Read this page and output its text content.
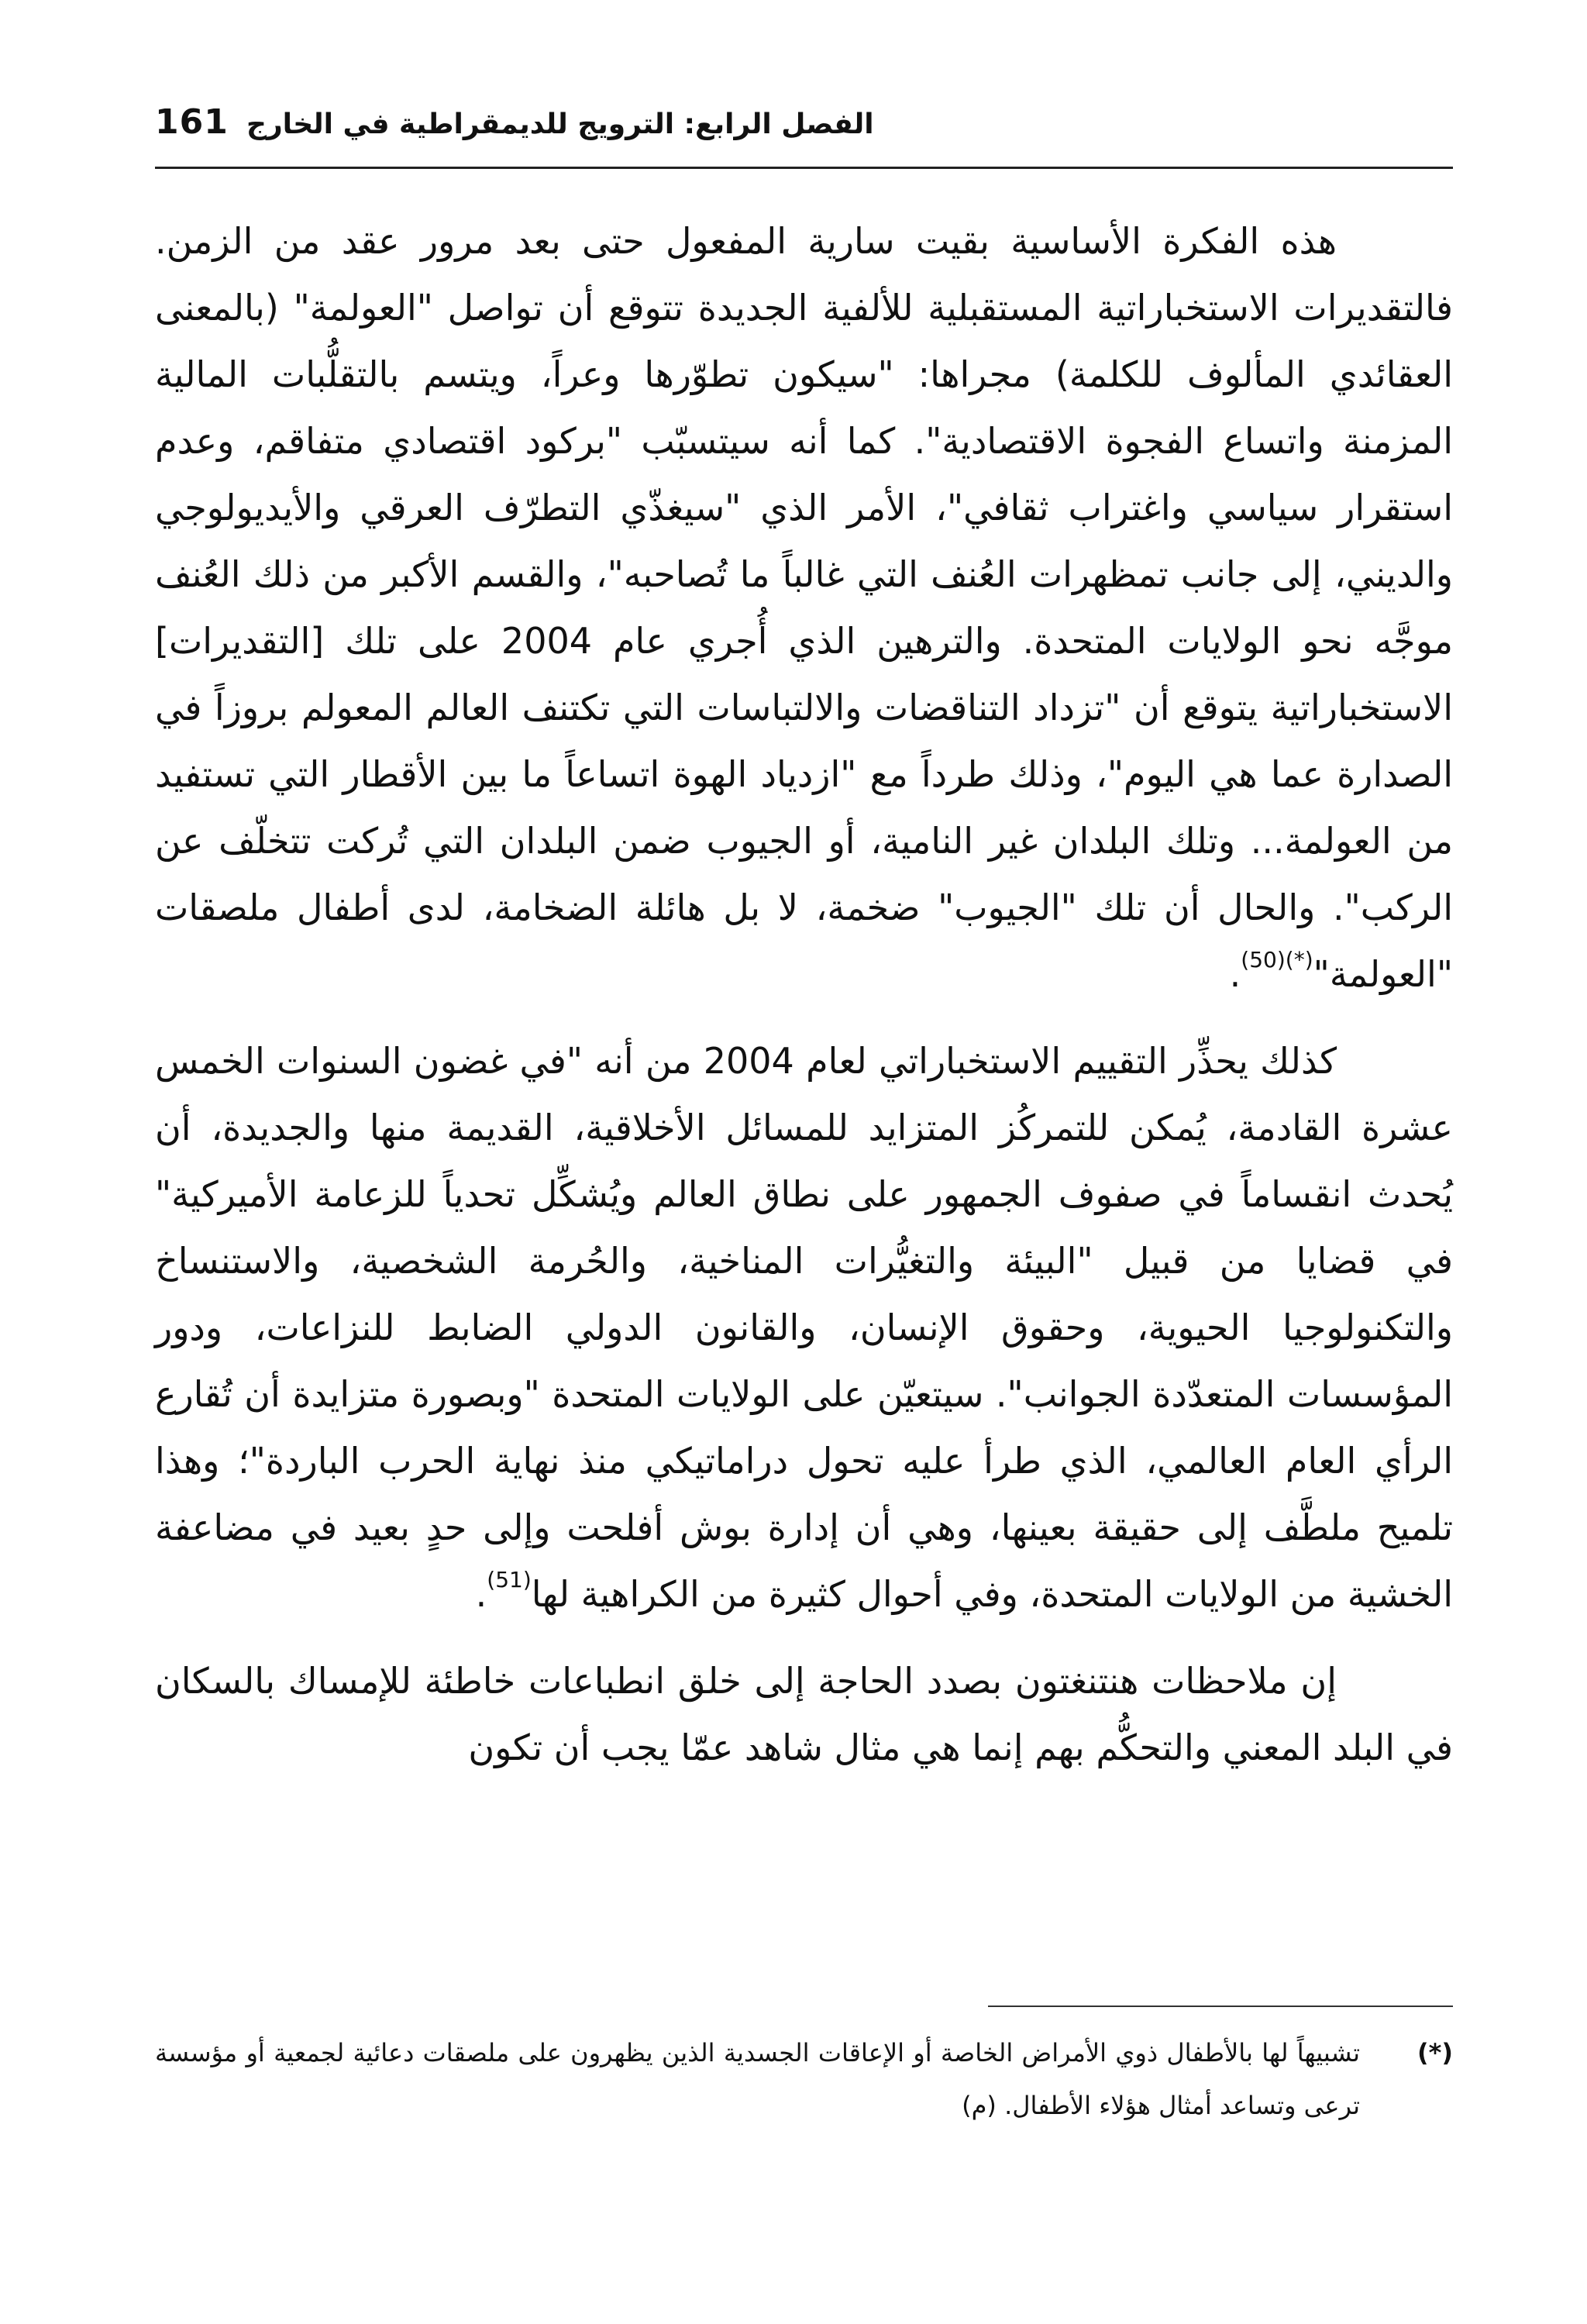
161 الفصل الرابع: الترويج للديمقراطية في الخارج

هذه الفكرة الأساسية بقيت سارية المفعول حتى بعد مرور عقد من الزمن. فالتقديرات الاستخباراتية المستقبلية للألفية الجديدة تتوقع أن تواصل "العولمة" (بالمعنى العقائدي المألوف للكلمة) مجراها: "سيكون تطوّرها وعراً، ويتسم بالتقلُّبات المالية المزمنة واتساع الفجوة الاقتصادية". كما أنه سيتسبّب "بركود اقتصادي متفاقم، وعدم استقرار سياسي واغتراب ثقافي"، الأمر الذي "سيغذّي التطرّف العرقي والأيديولوجي والديني، إلى جانب تمظهرات العُنف التي غالباً ما تُصاحبه"، والقسم الأكبر من ذلك العُنف موجَّه نحو الولايات المتحدة. والترهين الذي أُجري عام 2004 على تلك [التقديرات] الاستخباراتية يتوقع أن "تزداد التناقضات والالتباسات التي تكتنف العالم المعولم بروزاً في الصدارة عما هي اليوم"، وذلك طرداً مع "ازدياد الهوة اتساعاً ما بين الأقطار التي تستفيد من العولمة... وتلك البلدان غير النامية، أو الجيوب ضمن البلدان التي تُركت تتخلّف عن الركب". والحال أن تلك "الجيوب" ضخمة، لا بل هائلة الضخامة، لدى أطفال ملصقات "العولمة"$^{(*)(50)}$.

كذلك يحذِّر التقييم الاستخباراتي لعام 2004 من أنه "في غضون السنوات الخمس عشرة القادمة، يُمكن للتمركُز المتزايد للمسائل الأخلاقية، القديمة منها والجديدة، أن يُحدث انقساماً في صفوف الجمهور على نطاق العالم ويُشكِّل تحدياً للزعامة الأميركية" في قضايا من قبيل "البيئة والتغيُّرات المناخية، والحُرمة الشخصية، والاستنساخ والتكنولوجيا الحيوية، وحقوق الإنسان، والقانون الدولي الضابط للنزاعات، ودور المؤسسات المتعدّدة الجوانب". سيتعيّن على الولايات المتحدة "وبصورة متزايدة أن تُقارع الرأي العام العالمي، الذي طرأ عليه تحول دراماتيكي منذ نهاية الحرب الباردة"؛ وهذا تلميح ملطَّف إلى حقيقة بعينها، وهي أن إدارة بوش أفلحت وإلى حدٍ بعيد في مضاعفة الخشية من الولايات المتحدة، وفي أحوال كثيرة من الكراهية لها$^{(51)}$.

إن ملاحظات هنتنغتون بصدد الحاجة إلى خلق انطباعات خاطئة للإمساك بالسكان في البلد المعني والتحكُّم بهم إنما هي مثال شاهد عمّا يجب أن تكون

(*)
تشبيهاً لها بالأطفال ذوي الأمراض الخاصة أو الإعاقات الجسدية الذين يظهرون على ملصقات دعائية لجمعية أو مؤسسة ترعى وتساعد أمثال هؤلاء الأطفال. (م)
